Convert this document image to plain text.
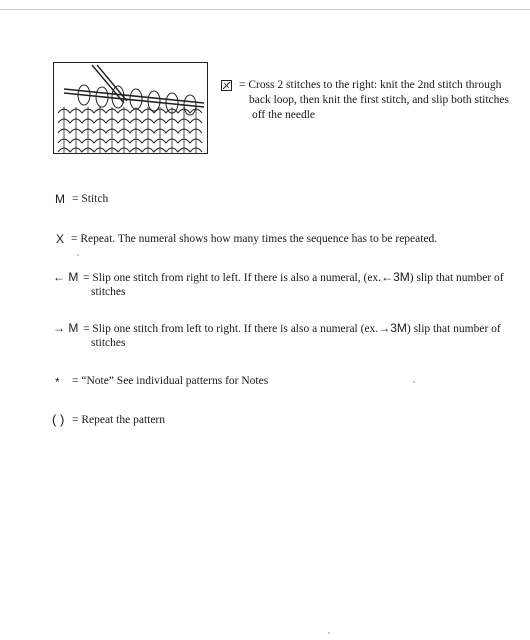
= Cross 2 stitches to the right: knit the 2nd stitch through
back loop, then knit the first stitch, and slip both stitches
off the needle
M = Stitch
X = Repeat. The numeral shows how many times the sequence has to be repeated.
← M = Slip one stitch from right to left. If there is also a numeral, (ex.←3M) slip that number of
stitches
→ M = Slip one stitch from left to right. If there is also a numeral (ex.→3M) slip that number of
stitches
* = “Note” See individual patterns for Notes
( ) = Repeat the pattern
